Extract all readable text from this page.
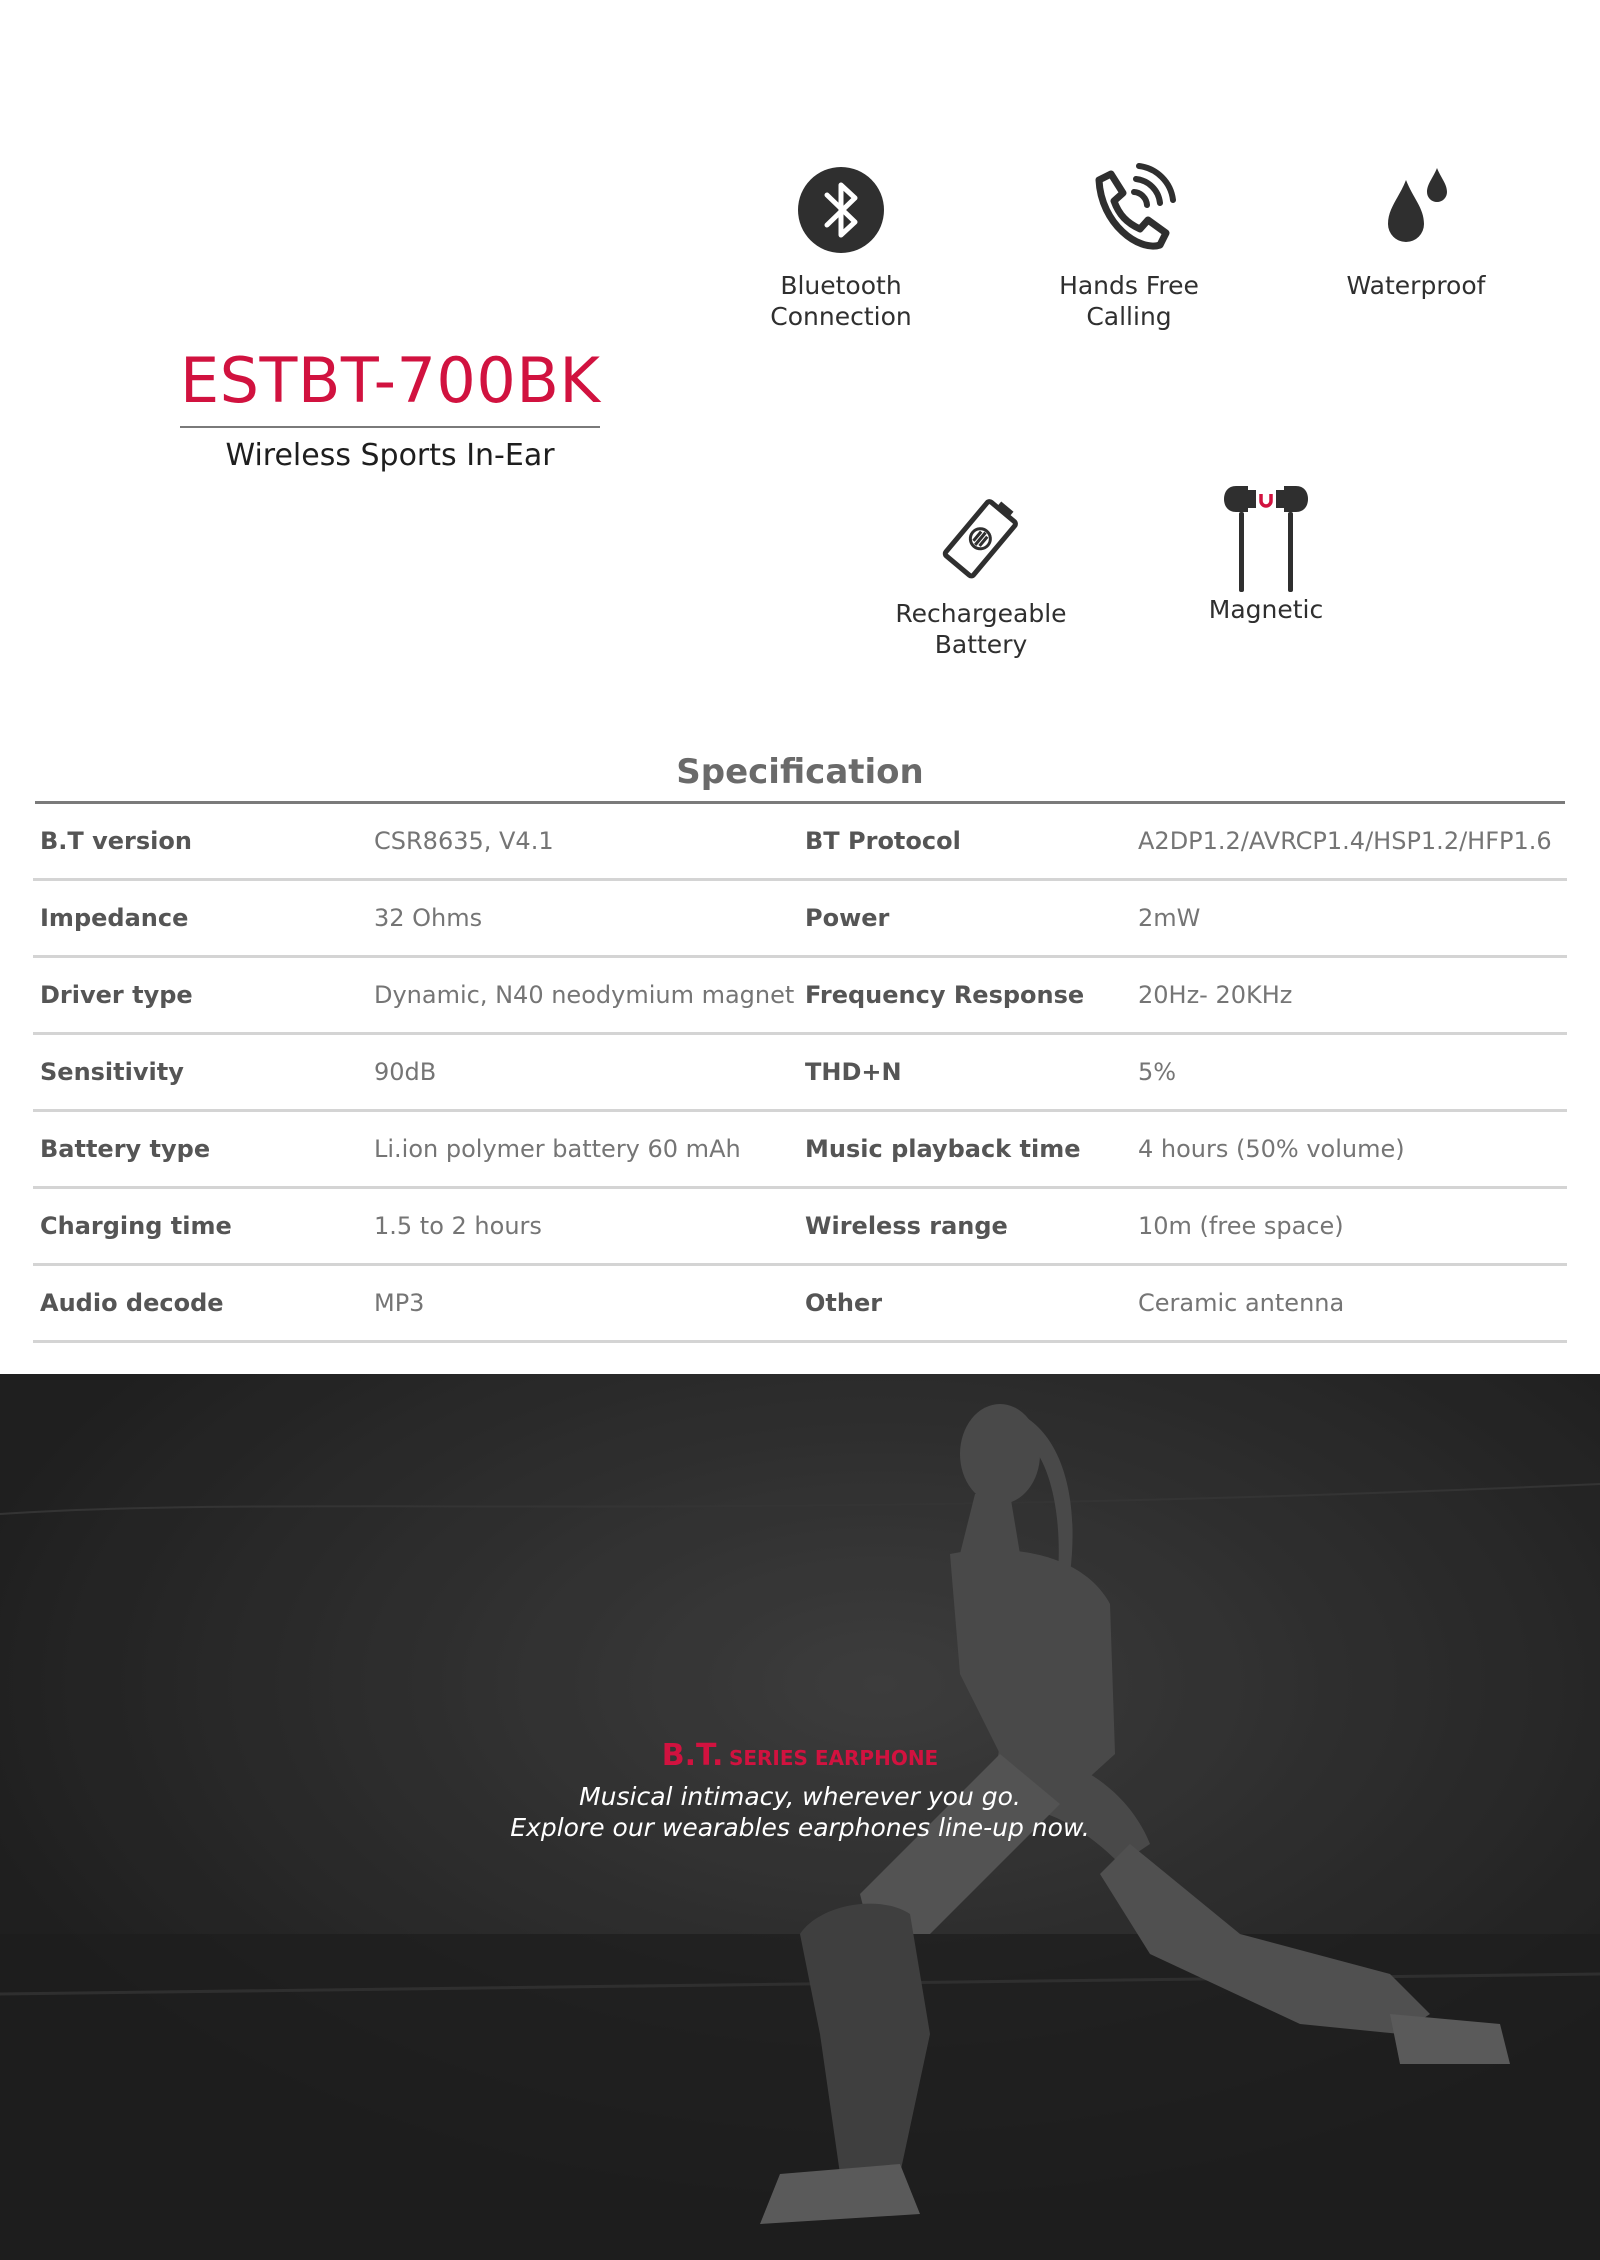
ESTBT-700BK
Wireless Sports In-Ear
Bluetooth
Connection
Hands Free
Calling
Waterproof
Rechargeable
Battery
Magnetic
Specification
B.T version	CSR8635, V4.1	BT Protocol	A2DP1.2/AVRCP1.4/HSP1.2/HFP1.6
Impedance	32 Ohms	Power	2mW
Driver type	Dynamic, N40 neodymium magnet	Frequency Response	20Hz- 20KHz
Sensitivity	90dB	THD+N	5%
Battery type	Li.ion polymer battery 60 mAh	Music playback time	4 hours (50% volume)
Charging time	1.5 to 2 hours	Wireless range	10m (free space)
Audio decode	MP3	Other	Ceramic antenna
B.T. SERIES EARPHONE
Musical intimacy, wherever you go.
Explore our wearables earphones line-up now.
